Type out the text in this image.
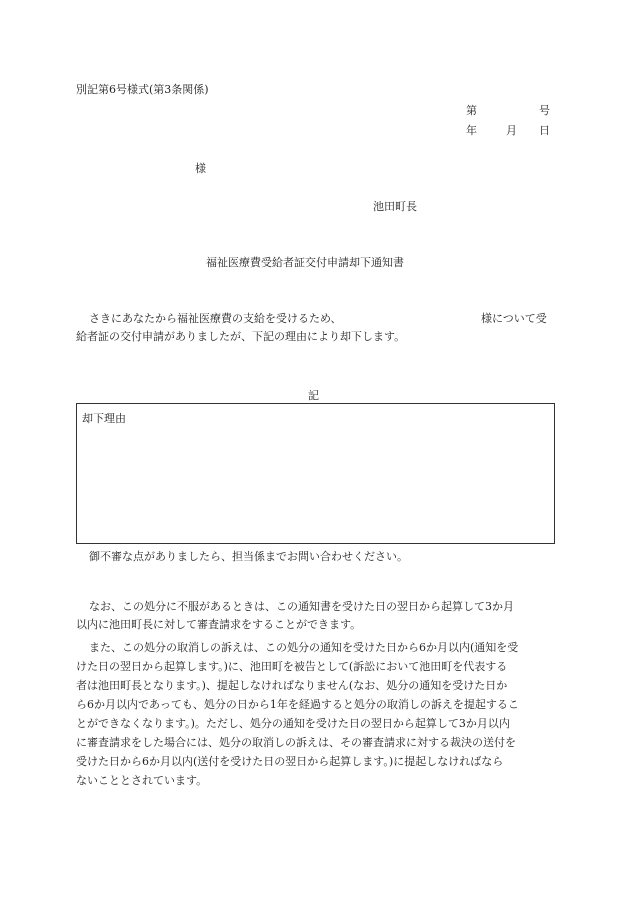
別記第6号様式(第3条関係)
第	号
年	月 日
様
池田町長
福祉医療費受給者証交付申請却下通知書
さきにあなたから福祉医療費の支給を受けるため、	様について受
給者証の交付申請がありましたが、下記の理由により却下します。
記
却下理由
御不審な点がありましたら、担当係までお問い合わせください。
なお、この処分に不服があるときは、この通知書を受けた日の翌日から起算して3か月
以内に池田町長に対して審査請求をすることができます。
また、この処分の取消しの訴えは、この処分の通知を受けた日から6か月以内(通知を受
けた日の翌日から起算します。)に、池田町を被告として(訴訟において池田町を代表する
者は池田町長となります。)、提起しなければなりません(なお、処分の通知を受けた日か
ら6か月以内であっても、処分の日から1年を経過すると処分の取消しの訴えを提起するこ
とができなくなります。)。ただし、処分の通知を受けた日の翌日から起算して3か月以内
に審査請求をした場合には、処分の取消しの訴えは、その審査請求に対する裁決の送付を
受けた日から6か月以内(送付を受けた日の翌日から起算します。)に提起しなければなら
ないこととされています。
